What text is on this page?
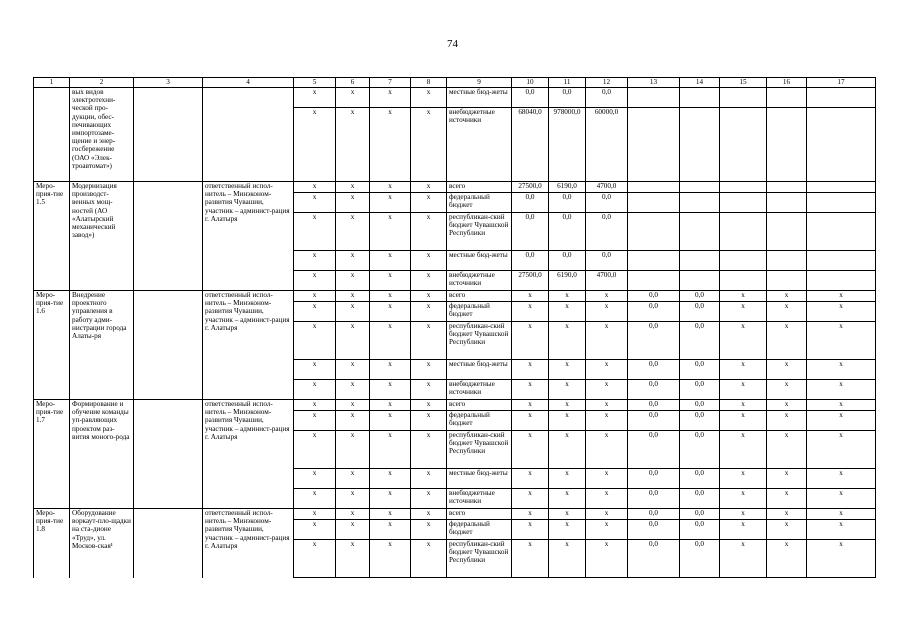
74
1	2	3	4	5	6	7	8	9	10	11	12	13	14	15	16	17
	вых видов электротехни-ческой про-дукции, обес-печивающих импортозаме-щение и энер-госбережение (ОАО «Элек-троавтомат»)			х	х	х	х	местные бюд-жеты	0,0	0,0	0,0					
				х	х	х	х	внебюджетные источники	68040,0	978000,0	60000,0					
Меро-прия-тие 1.5	Модернизация производст-венных мощ-ностей (АО «Алатырский механический завод»)		ответственный испол-нитель – Минэконом-развития Чувашии, участник – админист-рация г. Алатыря	х	х	х	х	всего	27500,0	6190,0	4700,0					
				х	х	х	х	федеральный бюджет	0,0	0,0	0,0					
				х	х	х	х	республикан-ский бюджет Чувашской Республики	0,0	0,0	0,0					
				х	х	х	х	местные бюд-жеты	0,0	0,0	0,0					
				х	х	х	х	внебюджетные источники	27500,0	6190,0	4700,0					
Меро-прия-тие 1.6	Внедрение проектного управления в работу адми-нистрации города Алаты-ря		ответственный испол-нитель – Минэконом-развития Чувашии, участник – админист-рация г. Алатыря	х	х	х	х	всего	х	х	х	0,0	0,0	х	х	х
				х	х	х	х	федеральный бюджет	х	х	х	0,0	0,0	х	х	х
				х	х	х	х	республикан-ский бюджет Чувашской Республики	х	х	х	0,0	0,0	х	х	х
				х	х	х	х	местные бюд-жеты	х	х	х	0,0	0,0	х	х	х
				х	х	х	х	внебюджетные источники	х	х	х	0,0	0,0	х	х	х
Меро-прия-тие 1.7	Формирование и обучение команды уп-равляющих проектом раз-вития моного-рода		ответственный испол-нитель – Минэконом-развития Чувашии, участник – админист-рация г. Алатыря	х	х	х	х	всего	х	х	х	0,0	0,0	х	х	х
				х	х	х	х	федеральный бюджет	х	х	х	0,0	0,0	х	х	х
				х	х	х	х	республикан-ский бюджет Чувашской Республики	х	х	х	0,0	0,0	х	х	х
				х	х	х	х	местные бюд-жеты	х	х	х	0,0	0,0	х	х	х
				х	х	х	х	внебюджетные источники	х	х	х	0,0	0,0	х	х	х
Меро-прия-тие 1.8	Оборудование воркаут-пло-щадки на ста-дионе «Труд», ул. Москов-ская¹		ответственный испол-нитель – Минэконом-развития Чувашии, участник – админист-рация г. Алатыря	х	х	х	х	всего	х	х	х	0,0	0,0	х	х	х
				х	х	х	х	федеральный бюджет	х	х	х	0,0	0,0	х	х	х
				х	х	х	х	республикан-ский бюджет Чувашской Республики	х	х	х	0,0	0,0	х	х	х
